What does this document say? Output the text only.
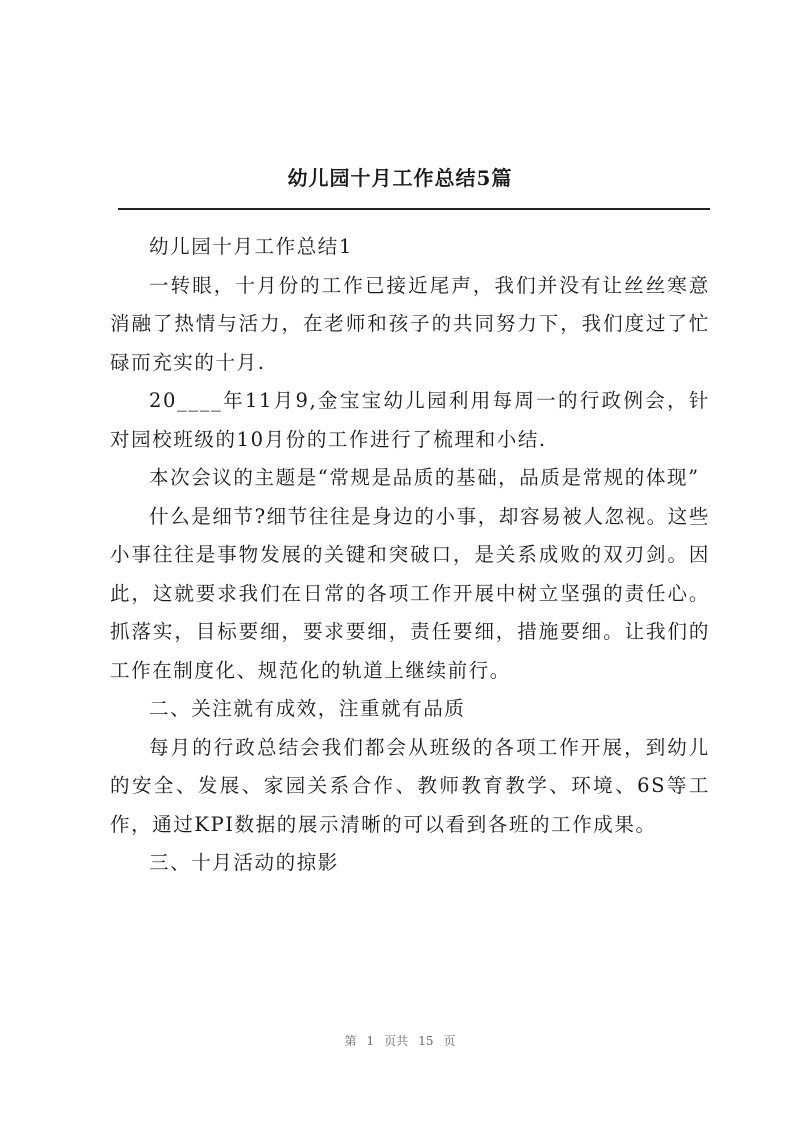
幼儿园十月工作总结5篇

幼儿园十月工作总结1

一转眼，十月份的工作已接近尾声，我们并没有让丝丝寒意消融了热情与活力，在老师和孩子的共同努力下，我们度过了忙碌而充实的十月.

20____年11月9,金宝宝幼儿园利用每周一的行政例会，针对园校班级的10月份的工作进行了梳理和小结.

本次会议的主题是“常规是品质的基础，品质是常规的体现”

什么是细节?细节往往是身边的小事，却容易被人忽视。这些小事往往是事物发展的关键和突破口，是关系成败的双刃剑。因此，这就要求我们在日常的各项工作开展中树立坚强的责任心。抓落实，目标要细，要求要细，责任要细，措施要细。让我们的工作在制度化、规范化的轨道上继续前行。

二、关注就有成效，注重就有品质

每月的行政总结会我们都会从班级的各项工作开展，到幼儿的安全、发展、家园关系合作、教师教育教学、环境、6S等工作，通过KPI数据的展示清晰的可以看到各班的工作成果。

三、十月活动的掠影

第 1 页共 15 页
